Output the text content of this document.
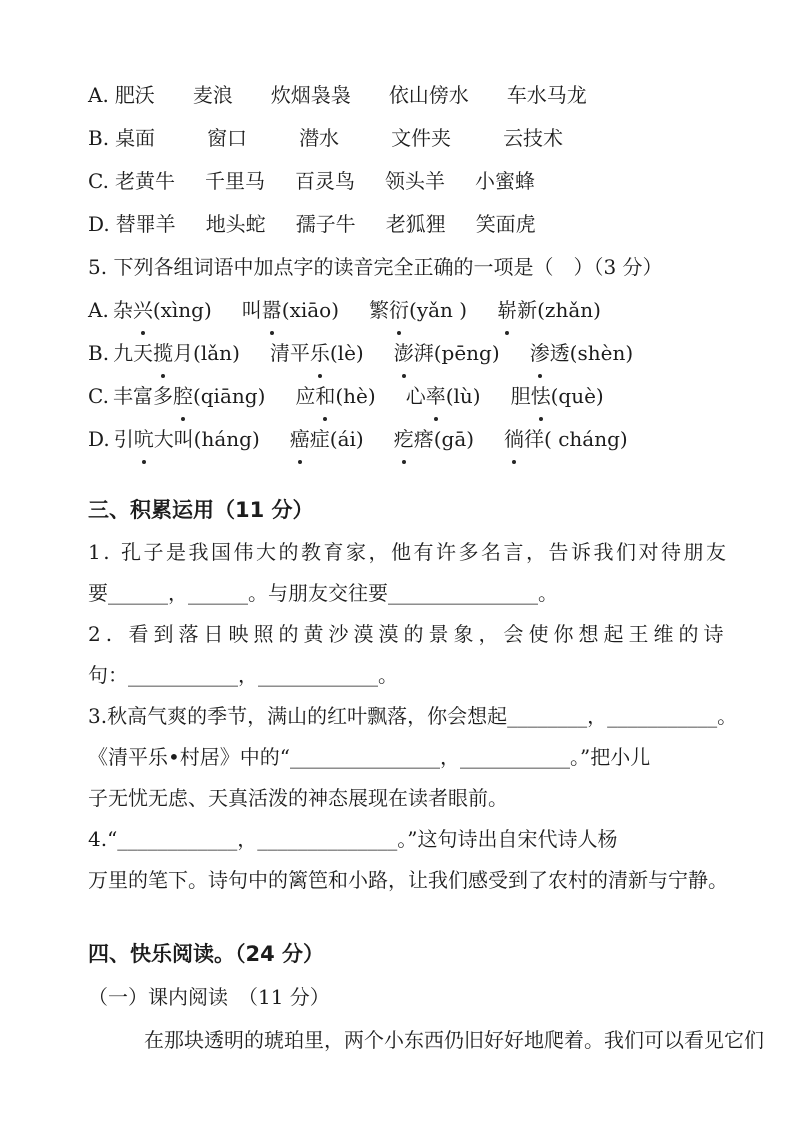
A. 肥沃 麦浪 炊烟袅袅 依山傍水 车水马龙
B. 桌面	窗口	潜水	文件夹	云技术
C. 老黄牛 千里马 百灵鸟 领头羊 小蜜蜂
D. 替罪羊 地头蛇 孺子牛 老狐狸 笑面虎
5. 下列各组词语中加点字的读音完全正确的一项是（　）（3 分）
A. 杂兴(xìng) 叫嚣(xiāo) 繁衍(yǎn ) 崭新(zhǎn)
B. 九天揽月(lǎn) 清平乐(lè) 澎湃(pēng) 渗透(shèn)
C. 丰富多腔(qiāng) 应和(hè) 心率(lù) 胆怯(què)
D. 引吭大叫(háng) 癌症(ái) 疙瘩(gā) 徜徉( cháng)
三、积累运用（11 分）
1. 孔子是我国伟大的教育家，他有许多名言，告诉我们对待朋友
要______，______。与朋友交往要_______________。
2. 看到落日映照的黄沙漠漠的景象，会使你想起王维的诗
句：___________，____________。
3.秋高气爽的季节，满山的红叶飘落，你会想起________，___________。
《清平乐•村居》中的“_______________，___________。”把小儿
子无忧无虑、天真活泼的神态展现在读者眼前。
4.“____________，______________。”这句诗出自宋代诗人杨
万里的笔下。诗句中的篱笆和小路，让我们感受到了农村的清新与宁静。
四、快乐阅读。（24 分）
（一）课内阅读　（11 分）
在那块透明的琥珀里，两个小东西仍旧好好地爬着。我们可以看见它们
